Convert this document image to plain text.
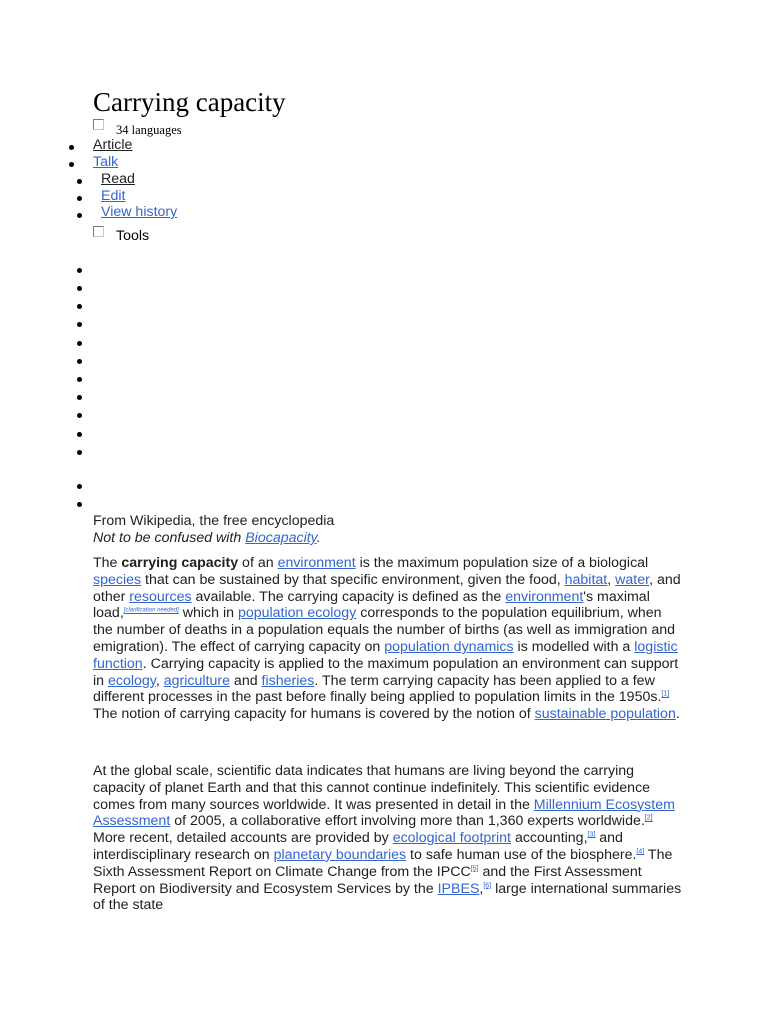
Carrying capacity
34 languages
Article
Talk
Read
Edit
View history
Tools
From Wikipedia, the free encyclopedia
Not to be confused with Biocapacity.

The carrying capacity of an environment is the maximum population size of a biological species that can be sustained by that specific environment, given the food, habitat, water, and other resources available. The carrying capacity is defined as the environment's maximal load,[clarification needed] which in population ecology corresponds to the population equilibrium, when the number of deaths in a population equals the number of births (as well as immigration and emigration). The effect of carrying capacity on population dynamics is modelled with a logistic function. Carrying capacity is applied to the maximum population an environment can support in ecology, agriculture and fisheries. The term carrying capacity has been applied to a few different processes in the past before finally being applied to population limits in the 1950s.[1] The notion of carrying capacity for humans is covered by the notion of sustainable population.

At the global scale, scientific data indicates that humans are living beyond the carrying capacity of planet Earth and that this cannot continue indefinitely. This scientific evidence comes from many sources worldwide. It was presented in detail in the Millennium Ecosystem Assessment of 2005, a collaborative effort involving more than 1,360 experts worldwide.[2] More recent, detailed accounts are provided by ecological footprint accounting,[3] and interdisciplinary research on planetary boundaries to safe human use of the biosphere.[4] The Sixth Assessment Report on Climate Change from the IPCC[5] and the First Assessment Report on Biodiversity and Ecosystem Services by the IPBES,[6] large international summaries of the state
